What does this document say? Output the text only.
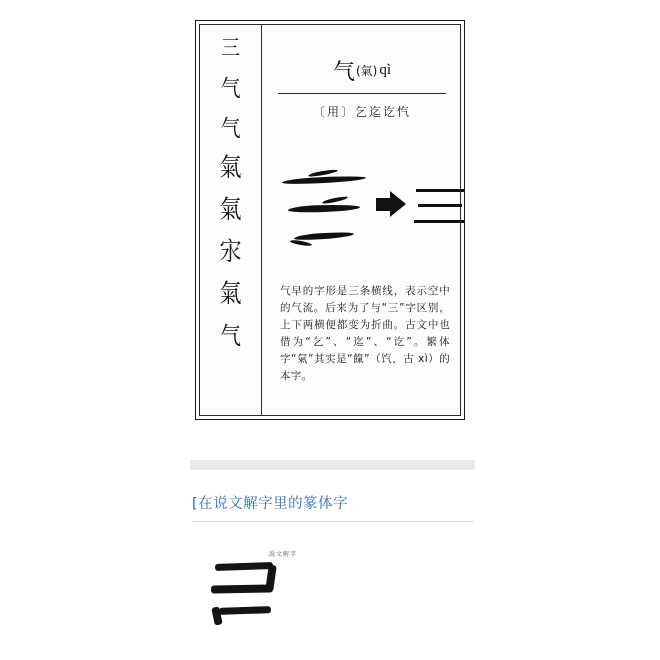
三
气
气
氣
氣
㲾
氣
气
气(氣) qì
〔用〕乞迄讫忾
气早的字形是三条横线，表示空中的气流。后来为了与“三”字区别，上下两横便都变为折曲。古文中也借为“乞”、“迄”、“讫”。繁体字“氣”其实是“餼”（饩，古 xì）的本字。
[在说文解字里的篆体字
說文解字
